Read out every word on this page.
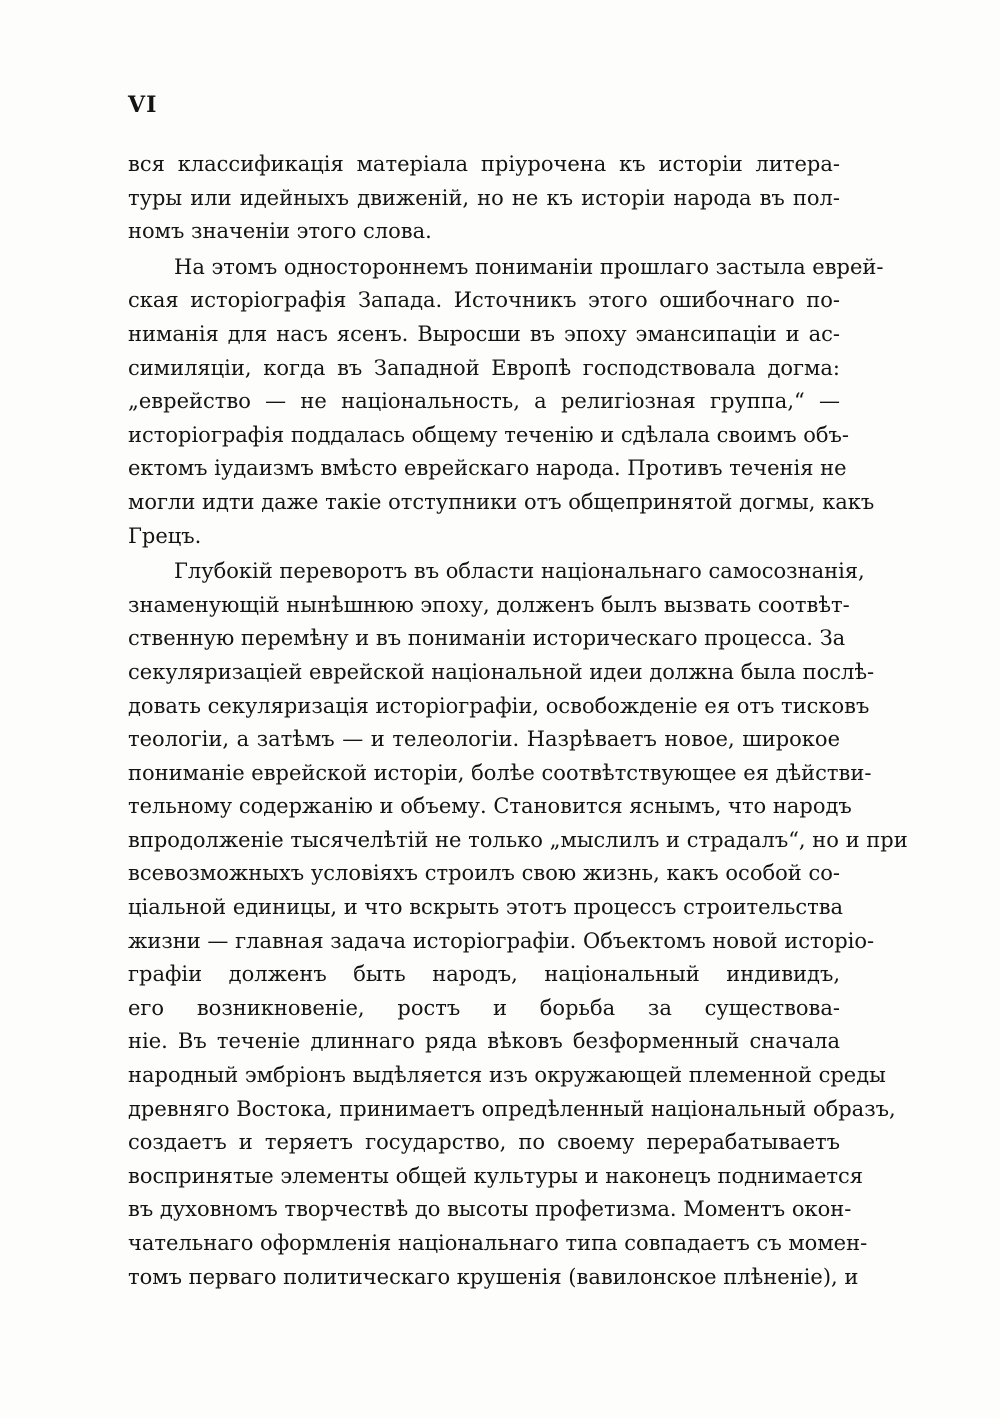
VI
вся классификація матеріала пріурочена къ исторіи литера-
туры или идейныхъ движеній, но не къ исторіи народа въ пол-
номъ значеніи этого слова.
На этомъ одностороннемъ пониманіи прошлаго застыла еврей-
ская исторіографія Запада. Источникъ этого ошибочнаго по-
ниманія для насъ ясенъ. Выросши въ эпоху эмансипаціи и ас-
симиляціи, когда въ Западной Европѣ господствовала догма:
„еврейство — не національность, а религіозная группа,“ —
исторіографія поддалась общему теченію и сдѣлала своимъ объ-
ектомъ іудаизмъ вмѣсто еврейскаго народа. Противъ теченія не
могли идти даже такіе отступники отъ общепринятой догмы, какъ
Грецъ.
Глубокій переворотъ въ области національнаго самосознанія,
знаменующій нынѣшнюю эпоху, долженъ былъ вызвать соотвѣт-
ственную перемѣну и въ пониманіи историческаго процесса. За
секуляризаціей еврейской національной идеи должна была послѣ-
довать секуляризація исторіографіи, освобожденіе ея отъ тисковъ
теологіи, а затѣмъ — и телеологіи. Назрѣваетъ новое, широкое
пониманіе еврейской исторіи, болѣе соотвѣтствующее ея дѣйстви-
тельному содержанію и объему. Становится яснымъ, что народъ
впродолженіе тысячелѣтій не только „мыслилъ и страдалъ“, но и при
всевозможныхъ условіяхъ строилъ свою жизнь, какъ особой со-
ціальной единицы, и что вскрыть этотъ процессъ строительства
жизни — главная задача исторіографіи. Объектомъ новой исторіо-
графіи долженъ быть народъ, національный индивидъ,
его возникновеніе, ростъ и борьба за существова-
ніе. Въ теченіе длиннаго ряда вѣковъ безформенный сначала
народный эмбріонъ выдѣляется изъ окружающей племенной среды
древняго Востока, принимаетъ опредѣленный національный образъ,
создаетъ и теряетъ государство, по своему перерабатываетъ
воспринятые элементы общей культуры и наконецъ поднимается
въ духовномъ творчествѣ до высоты профетизма. Моментъ окон-
чательнаго оформленія національнаго типа совпадаетъ съ момен-
томъ перваго политическаго крушенія (вавилонское плѣненіе), и
